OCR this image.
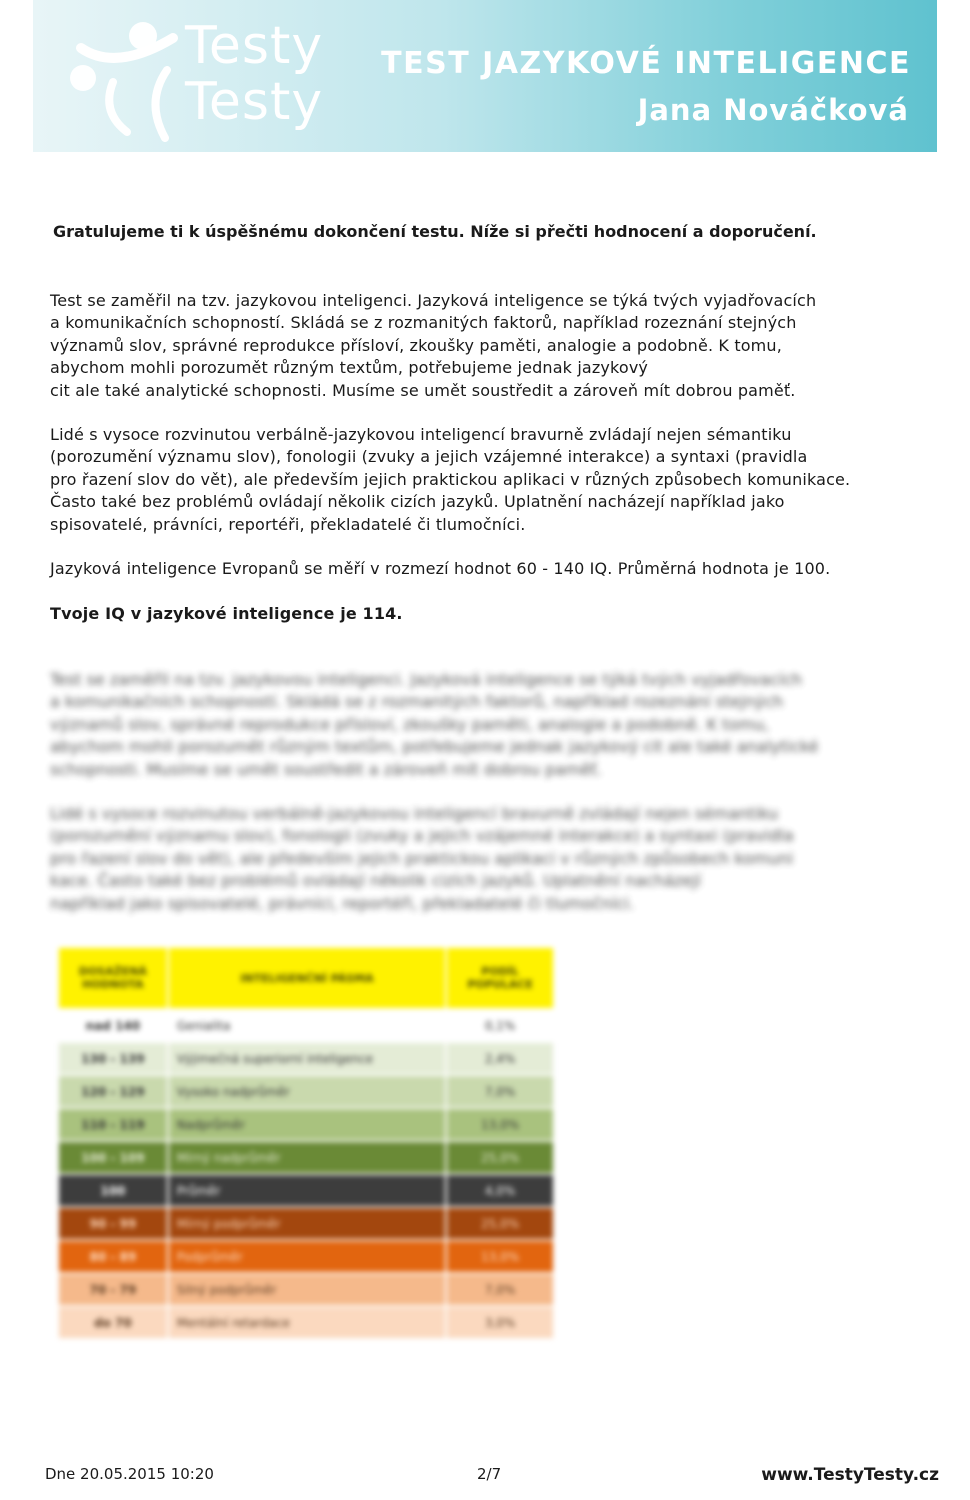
Testy
Testy
TEST JAZYKOVÉ INTELIGENCE
Jana Nováčková
Gratulujeme ti k úspěšnému dokončení testu. Níže si přečti hodnocení a doporučení.
Test se zaměřil na tzv. jazykovou inteligenci. Jazyková inteligence se týká tvých vyjadřovacích
a komunikačních schopností. Skládá se z rozmanitých faktorů, například rozeznání stejných
významů slov, správné reprodukce přísloví, zkoušky paměti, analogie a podobně. K tomu,
abychom mohli porozumět různým textům, potřebujeme jednak jazykový
cit ale také analytické schopnosti. Musíme se umět soustředit a zároveň mít dobrou paměť.
Lidé s vysoce rozvinutou verbálně-jazykovou inteligencí bravurně zvládají nejen sémantiku
(porozumění významu slov), fonologii (zvuky a jejich vzájemné interakce) a syntaxi (pravidla
pro řazení slov do vět), ale především jejich praktickou aplikaci v různých způsobech komunikace.
Často také bez problémů ovládají několik cizích jazyků. Uplatnění nacházejí například jako
spisovatelé, právníci, reportéři, překladatelé či tlumočníci.
Jazyková inteligence Evropanů se měří v rozmezí hodnot 60 - 140 IQ. Průměrná hodnota je 100.
Tvoje IQ v jazykové inteligence je 114.
Test se zaměřil na tzv. jazykovou inteligenci. Jazyková inteligence se týká tvých vyjadřovacích
a komunikačních schopností. Skládá se z rozmanitých faktorů, například rozeznání stejných
významů slov, správné reprodukce přísloví, zkoušky paměti, analogie a podobně. K tomu,
abychom mohli porozumět různým textům, potřebujeme jednak jazykový cit ale také analytické
schopnosti. Musíme se umět soustředit a zároveň mít dobrou paměť.
Lidé s vysoce rozvinutou verbálně-jazykovou inteligencí bravurně zvládají nejen sémantiku
(porozumění významu slov), fonologii (zvuky a jejich vzájemné interakce) a syntaxi (pravidla
pro řazení slov do vět), ale především jejich praktickou aplikaci v různých způsobech komuni
kace. Často také bez problémů ovládají několik cizích jazyků. Uplatnění nacházejí
například jako spisovatelé, právníci, reportéři, překladatelé či tlumočníci.
DOSAŽENÁ HODNOTA	INTELIGENČNÍ PÁSMA	PODÍL POPULACE
nad 140	Genialita	0,1%
130 - 139	Výjimečná superiorní inteligence	2,4%
120 - 129	Vysoko nadprůměr	7,0%
110 - 119	Nadprůměr	13,0%
100 - 109	Mírný nadprůměr	25,0%
100	Průměr	4,0%
90 - 99	Mírný podprůměr	25,0%
80 - 89	Podprůměr	13,0%
70 - 79	Silný podprůměr	7,0%
do 70	Mentální retardace	3,0%
Dne 20.05.2015 10:20	2/7	www.TestyTesty.cz
